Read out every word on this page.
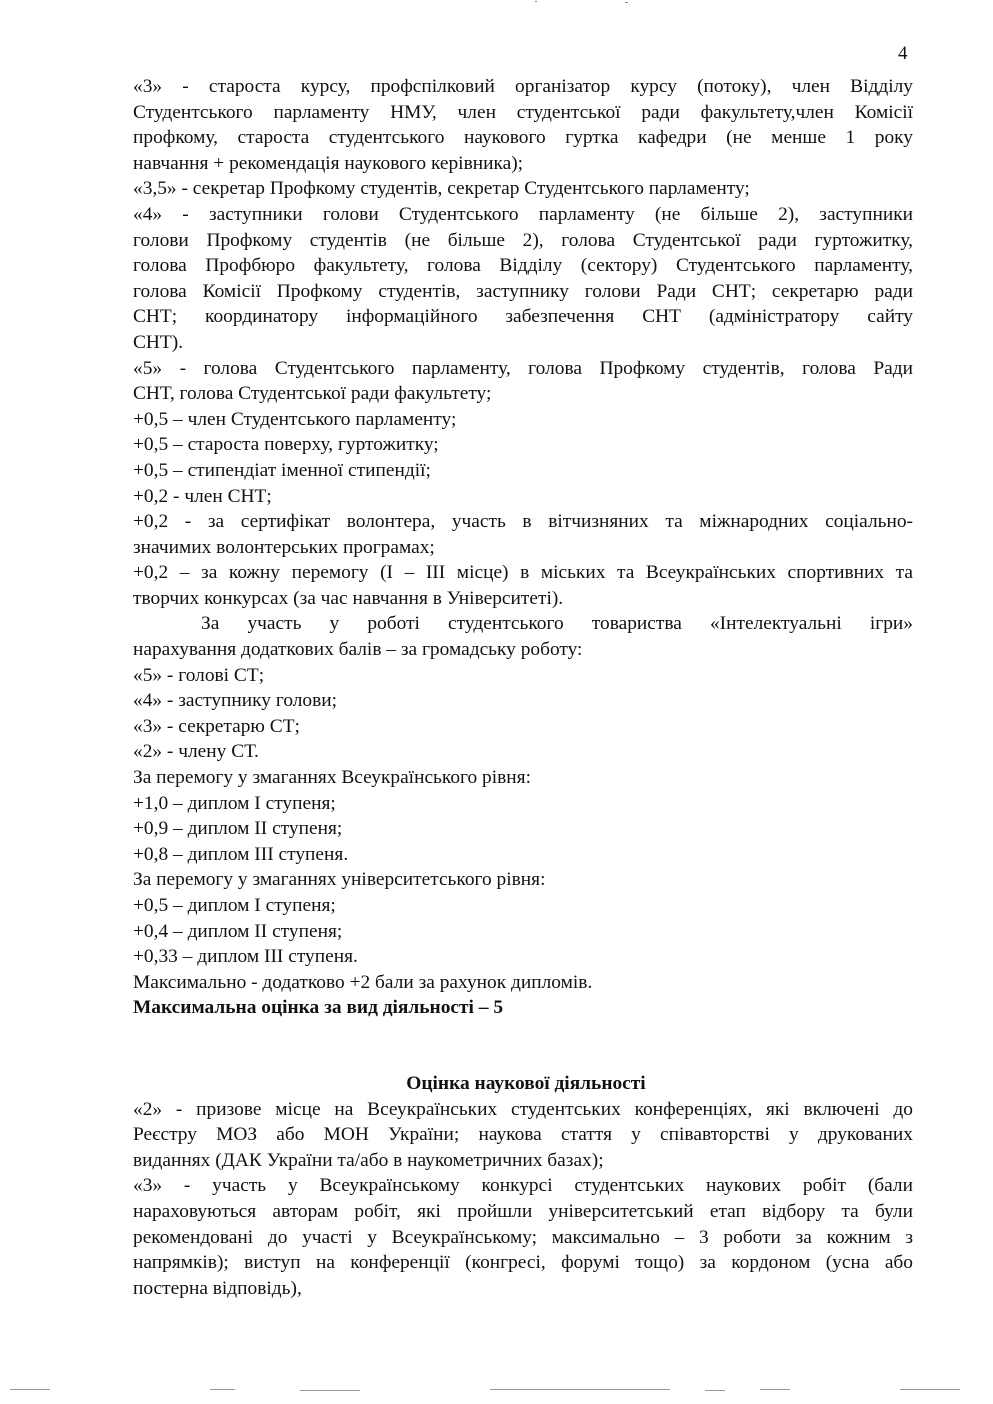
4
«3» - староста курсу, профспілковий організатор курсу (потоку), член Відділу
Студентського парламенту НМУ, член студентської ради факультету,член Комісії
профкому, староста студентського наукового гуртка кафедри (не менше 1 року
навчання + рекомендація наукового керівника);
«3,5» - секретар Профкому студентів, секретар Студентського парламенту;
«4» - заступники голови Студентського парламенту (не більше 2), заступники
голови Профкому студентів (не більше 2), голова Студентської ради гуртожитку,
голова Профбюро факультету, голова Відділу (сектору) Студентського парламенту,
голова Комісії Профкому студентів, заступнику голови Ради СНТ; секретарю ради
СНТ; координатору інформаційного забезпечення СНТ (адміністратору сайту
СНТ).
«5» - голова Студентського парламенту, голова Профкому студентів, голова Ради
СНТ, голова Студентської ради факультету;
+0,5 – член Студентського парламенту;
+0,5 – староста поверху, гуртожитку;
+0,5 – стипендіат іменної стипендії;
+0,2 - член СНТ;
+0,2 - за сертифікат волонтера, участь в вітчизняних та міжнародних соціально-
значимих волонтерських програмах;
+0,2 – за кожну перемогу (I – III місце) в міських та Всеукраїнських спортивних та
творчих конкурсах (за час навчання в Університеті).
За участь у роботі студентського товариства «Інтелектуальні ігри»
нарахування додаткових балів – за громадську роботу:
«5» - голові СТ;
«4» - заступнику голови;
«3» - секретарю СТ;
«2» - члену СТ.
За перемогу у змаганнях Всеукраїнського рівня:
+1,0 – диплом I ступеня;
+0,9 – диплом II ступеня;
+0,8 – диплом III ступеня.
За перемогу у змаганнях університетського рівня:
+0,5 – диплом I ступеня;
+0,4 – диплом II ступеня;
+0,33 – диплом III ступеня.
Максимально - додатково +2 бали за рахунок дипломів.
Максимальна оцінка за вид діяльності – 5
Оцінка наукової діяльності
«2» - призове місце на Всеукраїнських студентських конференціях, які включені до
Реєстру МОЗ або МОН України; наукова стаття у співавторстві у друкованих
виданнях (ДАК України та/або в наукометричних базах);
«3» - участь у Всеукраїнському конкурсі студентських наукових робіт (бали
нараховуються авторам робіт, які пройшли університетський етап відбору та були
рекомендовані до участі у Всеукраїнському; максимально – 3 роботи за кожним з
напрямків); виступ на конференції (конгресі, форумі тощо) за кордоном (усна або
постерна відповідь),
